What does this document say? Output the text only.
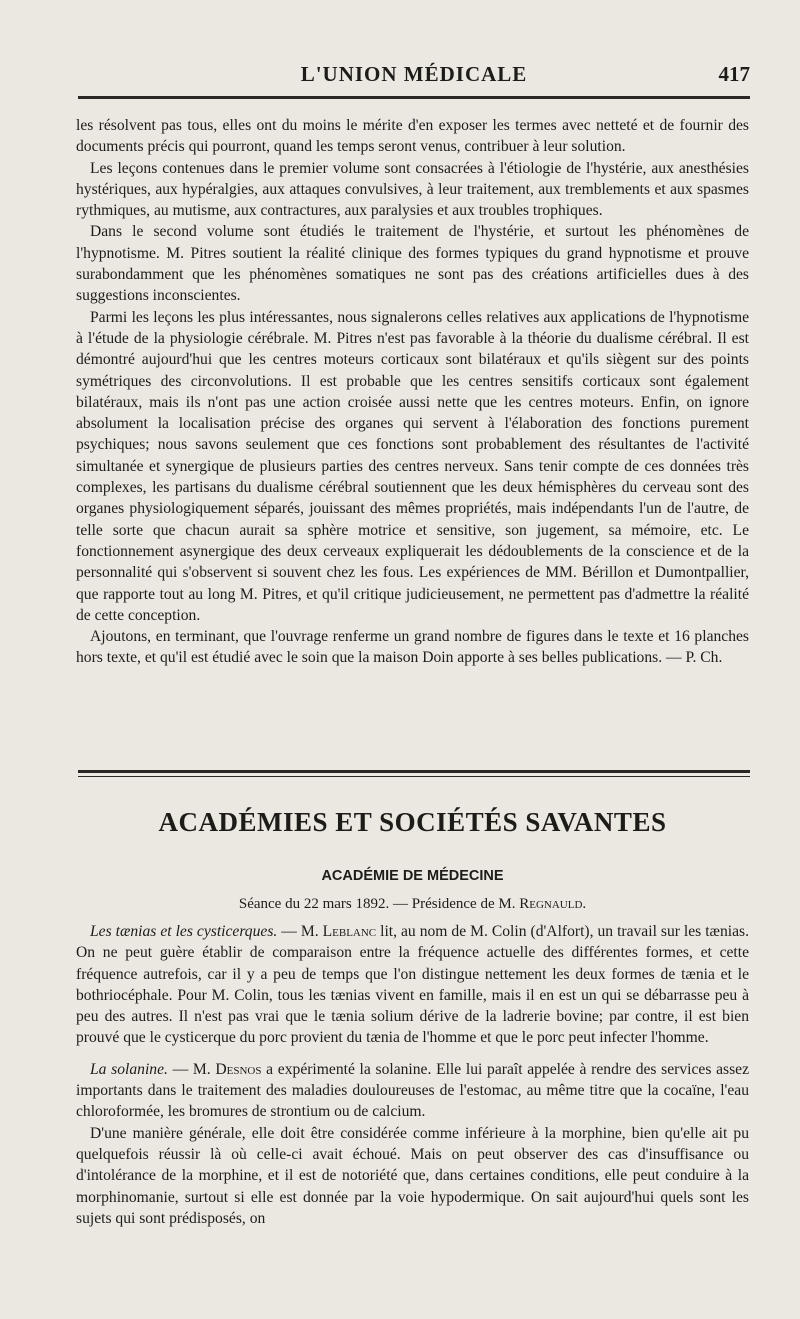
L'UNION MÉDICALE	417

les résolvent pas tous, elles ont du moins le mérite d'en exposer les termes avec netteté et de fournir des documents précis qui pourront, quand les temps seront venus, contribuer à leur solution.

Les leçons contenues dans le premier volume sont consacrées à l'étiologie de l'hystérie, aux anesthésies hystériques, aux hypéralgies, aux attaques convulsives, à leur traitement, aux tremblements et aux spasmes rythmiques, au mutisme, aux contractures, aux paralysies et aux troubles trophiques.

Dans le second volume sont étudiés le traitement de l'hystérie, et surtout les phénomènes de l'hypnotisme. M. Pitres soutient la réalité clinique des formes typiques du grand hypnotisme et prouve surabondamment que les phénomènes somatiques ne sont pas des créations artificielles dues à des suggestions inconscientes.

Parmi les leçons les plus intéressantes, nous signalerons celles relatives aux applications de l'hypnotisme à l'étude de la physiologie cérébrale. M. Pitres n'est pas favorable à la théorie du dualisme cérébral. Il est démontré aujourd'hui que les centres moteurs corticaux sont bilatéraux et qu'ils siègent sur des points symétriques des circonvolutions. Il est probable que les centres sensitifs corticaux sont également bilatéraux, mais ils n'ont pas une action croisée aussi nette que les centres moteurs. Enfin, on ignore absolument la localisation précise des organes qui servent à l'élaboration des fonctions purement psychiques; nous savons seulement que ces fonctions sont probablement des résultantes de l'activité simultanée et synergique de plusieurs parties des centres nerveux. Sans tenir compte de ces données très complexes, les partisans du dualisme cérébral soutiennent que les deux hémisphères du cerveau sont des organes physiologiquement séparés, jouissant des mêmes propriétés, mais indépendants l'un de l'autre, de telle sorte que chacun aurait sa sphère motrice et sensitive, son jugement, sa mémoire, etc. Le fonctionnement asynergique des deux cerveaux expliquerait les dédoublements de la conscience et de la personnalité qui s'observent si souvent chez les fous. Les expériences de MM. Bérillon et Dumontpallier, que rapporte tout au long M. Pitres, et qu'il critique judicieusement, ne permettent pas d'admettre la réalité de cette conception.

Ajoutons, en terminant, que l'ouvrage renferme un grand nombre de figures dans le texte et 16 planches hors texte, et qu'il est étudié avec le soin que la maison Doin apporte à ses belles publications. — P. Ch.

ACADÉMIES ET SOCIÉTÉS SAVANTES
ACADÉMIE DE MÉDECINE
Séance du 22 mars 1892. — Présidence de M. Regnauld.

Les tænias et les cysticerques. — M. Leblanc lit, au nom de M. Colin (d'Alfort), un travail sur les tænias. On ne peut guère établir de comparaison entre la fréquence actuelle des différentes formes, et cette fréquence autrefois, car il y a peu de temps que l'on distingue nettement les deux formes de tænia et le bothriocéphale. Pour M. Colin, tous les tænias vivent en famille, mais il en est un qui se débarrasse peu à peu des autres. Il n'est pas vrai que le tænia solium dérive de la ladrerie bovine; par contre, il est bien prouvé que le cysticerque du porc provient du tænia de l'homme et que le porc peut infecter l'homme.

La solanine. — M. Desnos a expérimenté la solanine. Elle lui paraît appelée à rendre des services assez importants dans le traitement des maladies douloureuses de l'estomac, au même titre que la cocaïne, l'eau chloroformée, les bromures de strontium ou de calcium.

D'une manière générale, elle doit être considérée comme inférieure à la morphine, bien qu'elle ait pu quelquefois réussir là où celle-ci avait échoué. Mais on peut observer des cas d'insuffisance ou d'intolérance de la morphine, et il est de notoriété que, dans certaines conditions, elle peut conduire à la morphinomanie, surtout si elle est donnée par la voie hypodermique. On sait aujourd'hui quels sont les sujets qui sont prédisposés, on
